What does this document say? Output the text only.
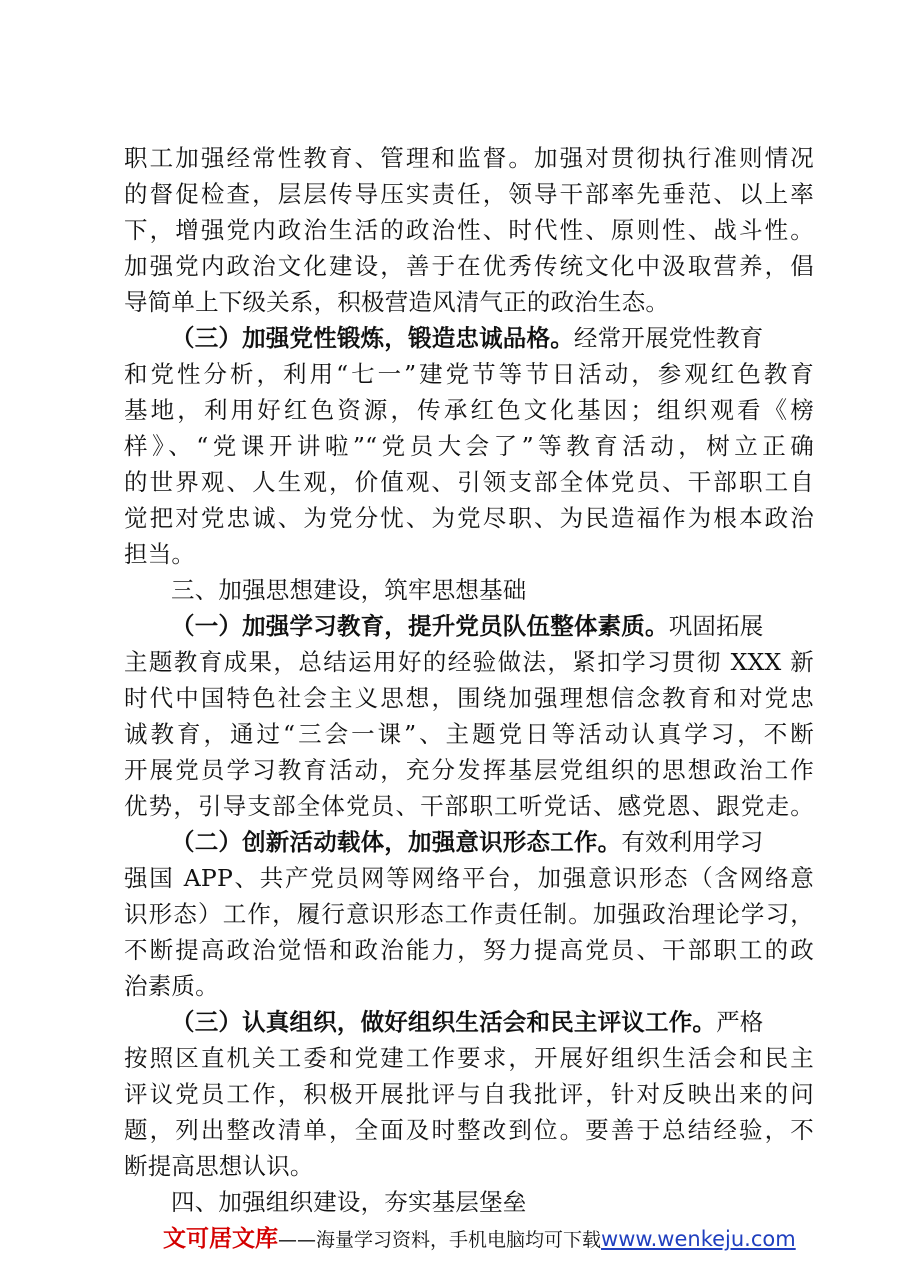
职工加强经常性教育、管理和监督。加强对贯彻执行准则情况
的督促检查，层层传导压实责任，领导干部率先垂范、以上率
下，增强党内政治生活的政治性、时代性、原则性、战斗性。
加强党内政治文化建设，善于在优秀传统文化中汲取营养，倡
导简单上下级关系，积极营造风清气正的政治生态。
（三）加强党性锻炼，锻造忠诚品格。经常开展党性教育
和党性分析，利用“七一”建党节等节日活动，参观红色教育
基地，利用好红色资源，传承红色文化基因；组织观看《榜
样》、“党课开讲啦”“党员大会了”等教育活动，树立正确
的世界观、人生观，价值观、引领支部全体党员、干部职工自
觉把对党忠诚、为党分忧、为党尽职、为民造福作为根本政治
担当。
三、加强思想建设，筑牢思想基础
（一）加强学习教育，提升党员队伍整体素质。巩固拓展
主题教育成果，总结运用好的经验做法，紧扣学习贯彻 XXX 新
时代中国特色社会主义思想，围绕加强理想信念教育和对党忠
诚教育，通过“三会一课”、主题党日等活动认真学习，不断
开展党员学习教育活动，充分发挥基层党组织的思想政治工作
优势，引导支部全体党员、干部职工听党话、感党恩、跟党走。
（二）创新活动载体，加强意识形态工作。有效利用学习
强国 APP、共产党员网等网络平台，加强意识形态（含网络意
识形态）工作，履行意识形态工作责任制。加强政治理论学习，
不断提高政治觉悟和政治能力，努力提高党员、干部职工的政
治素质。
（三）认真组织，做好组织生活会和民主评议工作。严格
按照区直机关工委和党建工作要求，开展好组织生活会和民主
评议党员工作，积极开展批评与自我批评，针对反映出来的问
题，列出整改清单，全面及时整改到位。要善于总结经验，不
断提高思想认识。
四、加强组织建设，夯实基层堡垒
文可居文库——海量学习资料，手机电脑均可下载www.wenkeju.com
